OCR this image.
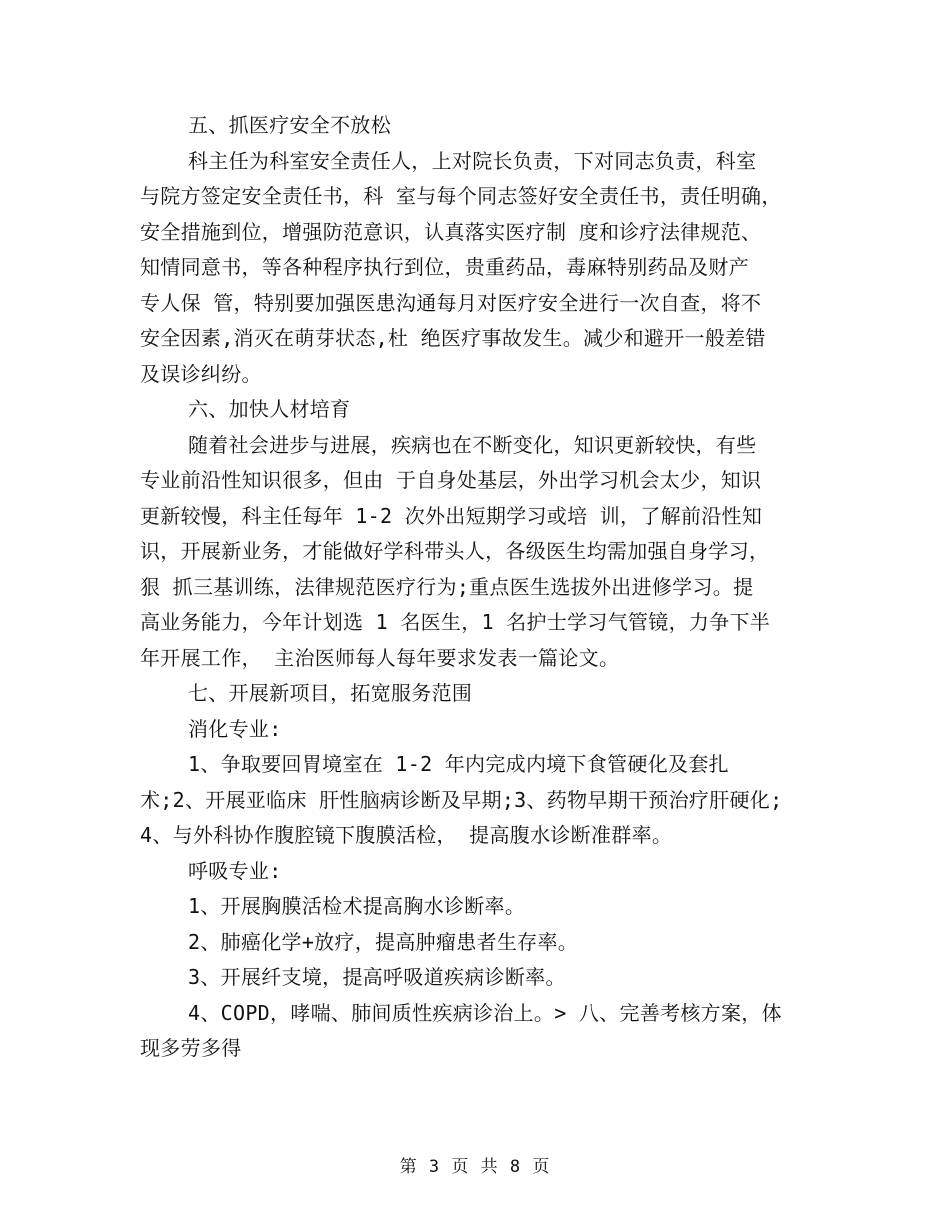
五、抓医疗安全不放松
科主任为科室安全责任人，上对院长负责，下对同志负责，科室
与院方签定安全责任书，科 室与每个同志签好安全责任书，责任明确，
安全措施到位，增强防范意识，认真落实医疗制 度和诊疗法律规范、
知情同意书，等各种程序执行到位，贵重药品，毒麻特别药品及财产
专人保 管，特别要加强医患沟通每月对医疗安全进行一次自查，将不
安全因素,消灭在萌芽状态,杜 绝医疗事故发生。减少和避开一般差错
及误诊纠纷。
六、加快人材培育
随着社会进步与进展，疾病也在不断变化，知识更新较快，有些
专业前沿性知识很多，但由 于自身处基层，外出学习机会太少，知识
更新较慢，科主任每年 1-2 次外出短期学习或培 训，了解前沿性知
识，开展新业务，才能做好学科带头人，各级医生均需加强自身学习，
狠 抓三基训练，法律规范医疗行为;重点医生选拔外出进修学习。提
高业务能力，今年计划选 1 名医生，1 名护士学习气管镜，力争下半
年开展工作， 主治医师每人每年要求发表一篇论文。
七、开展新项目，拓宽服务范围
消化专业:
1、争取要回胃境室在 1-2 年内完成内境下食管硬化及套扎
术;2、开展亚临床 肝性脑病诊断及早期;3、药物早期干预治疗肝硬化;
4、与外科协作腹腔镜下腹膜活检， 提高腹水诊断准群率。
呼吸专业:
1、开展胸膜活检术提高胸水诊断率。
2、肺癌化学+放疗，提高肿瘤患者生存率。
3、开展纤支境，提高呼吸道疾病诊断率。
4、COPD，哮喘、肺间质性疾病诊治上。> 八、完善考核方案，体
现多劳多得
第 3 页 共 8 页
